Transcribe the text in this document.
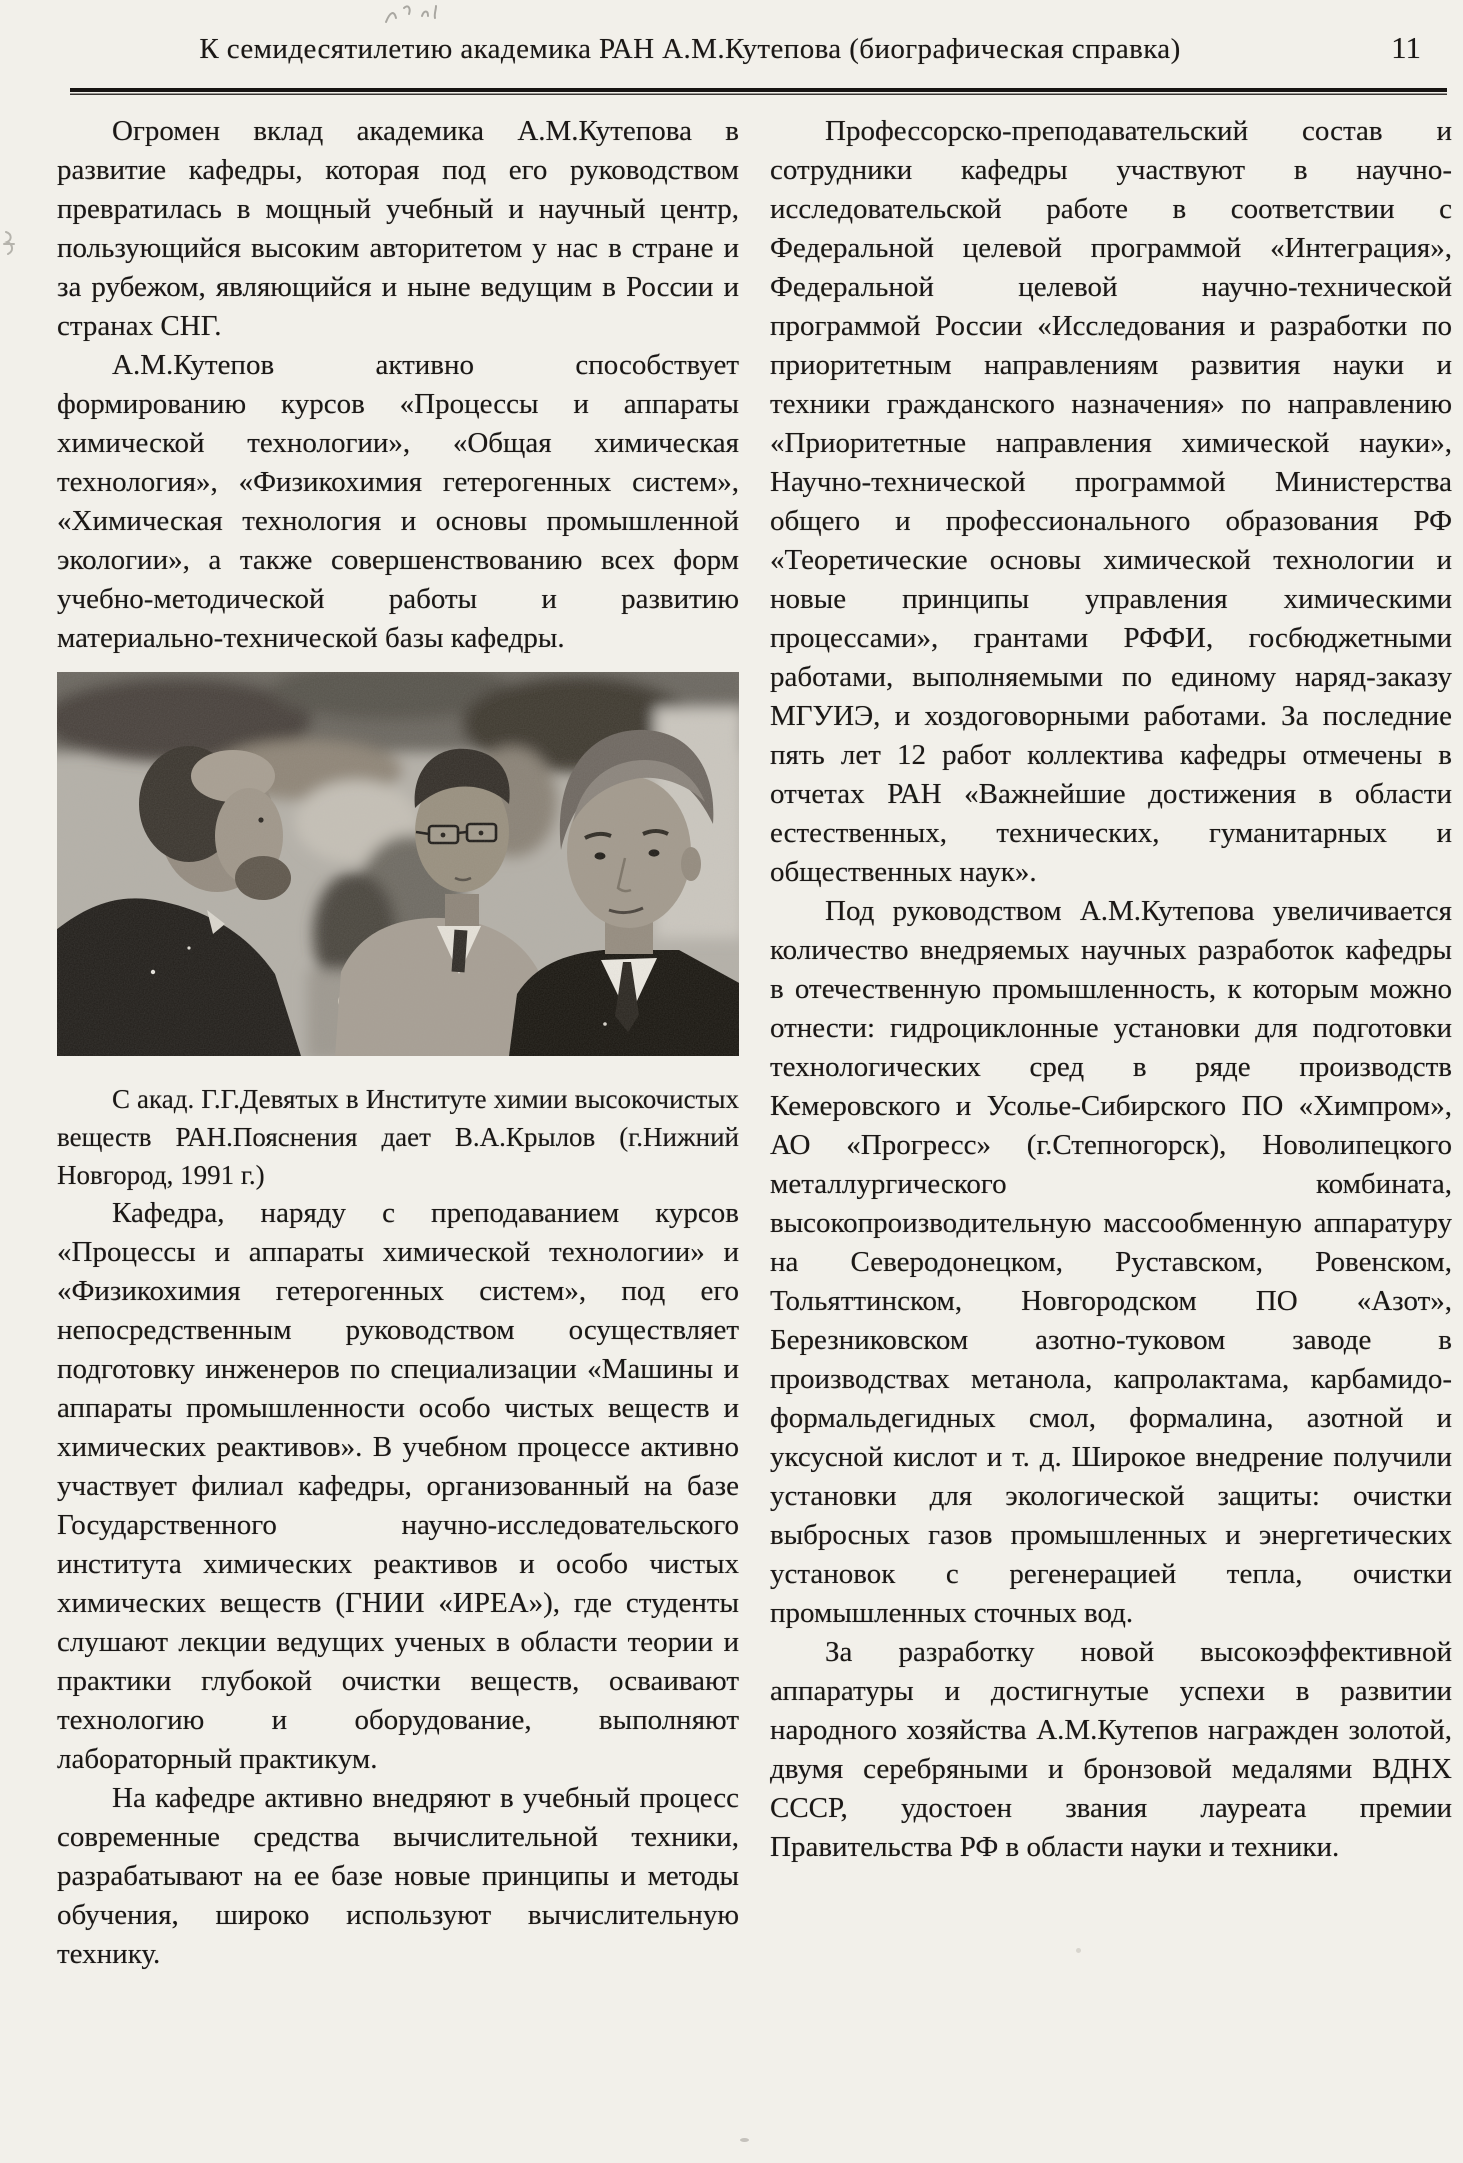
К семидесятилетию академика РАН А.М.Кутепова (биографическая справка)	11

Огромен вклад академика А.М.Кутепова в развитие кафедры, которая под его руководством превратилась в мощный учебный и научный центр, пользующийся высоким авторитетом у нас в стране и за рубежом, являющийся и ныне ведущим в России и странах СНГ.

А.М.Кутепов активно способствует формированию курсов «Процессы и аппараты химической технологии», «Общая химическая технология», «Физикохимия гетерогенных систем», «Химическая технология и основы промышленной экологии», а также совершенствованию всех форм учебно-методической работы и развитию материально-технической базы кафедры.

С акад. Г.Г.Девятых в Институте химии высокочистых веществ РАН.Пояснения дает В.А.Крылов (г.Нижний Новгород, 1991 г.)

Кафедра, наряду с преподаванием курсов «Процессы и аппараты химической технологии» и «Физикохимия гетерогенных систем», под его непосредственным руководством осуществляет подготовку инженеров по специализации «Машины и аппараты промышленности особо чистых веществ и химических реактивов». В учебном процессе активно участвует филиал кафедры, организованный на базе Государственного научно-исследовательского института химических реактивов и особо чистых химических веществ (ГНИИ «ИРЕА»), где студенты слушают лекции ведущих ученых в области теории и практики глубокой очистки веществ, осваивают технологию и оборудование, выполняют лабораторный практикум.

На кафедре активно внедряют в учебный процесс современные средства вычислительной техники, разрабатывают на ее базе новые принципы и методы обучения, широко используют вычислительную технику.

Профессорско-преподавательский состав и сотрудники кафедры участвуют в научно-исследовательской работе в соответствии с Федеральной целевой программой «Интеграция», Федеральной целевой научно-технической программой России «Исследования и разработки по приоритетным направлениям развития науки и техники гражданского назначения» по направлению «Приоритетные направления химической науки», Научно-технической программой Министерства общего и профессионального образования РФ «Теоретические основы химической технологии и новые принципы управления химическими процессами», грантами РФФИ, госбюджетными работами, выполняемыми по единому наряд-заказу МГУИЭ, и хоздоговорными работами. За последние пять лет 12 работ коллектива кафедры отмечены в отчетах РАН «Важнейшие достижения в области естественных, технических, гуманитарных и общественных наук».

Под руководством А.М.Кутепова увеличивается количество внедряемых научных разработок кафедры в отечественную промышленность, к которым можно отнести: гидроциклонные установки для подготовки технологических сред в ряде производств Кемеровского и Усолье-Сибирского ПО «Химпром», АО «Прогресс» (г.Степногорск), Новолипецкого металлургического комбината, высокопроизводительную массообменную аппаратуру на Северодонецком, Руставском, Ровенском, Тольяттинском, Новгородском ПО «Азот», Березниковском азотно-туковом заводе в производствах метанола, капролактама, карбамидо-формальдегидных смол, формалина, азотной и уксусной кислот и т. д. Широкое внедрение получили установки для экологической защиты: очистки выбросных газов промышленных и энергетических установок с регенерацией тепла, очистки промышленных сточных вод.

За разработку новой высокоэффективной аппаратуры и достигнутые успехи в развитии народного хозяйства А.М.Кутепов награжден золотой, двумя серебряными и бронзовой медалями ВДНХ СССР, удостоен звания лауреата премии Правительства РФ в области науки и техники.
